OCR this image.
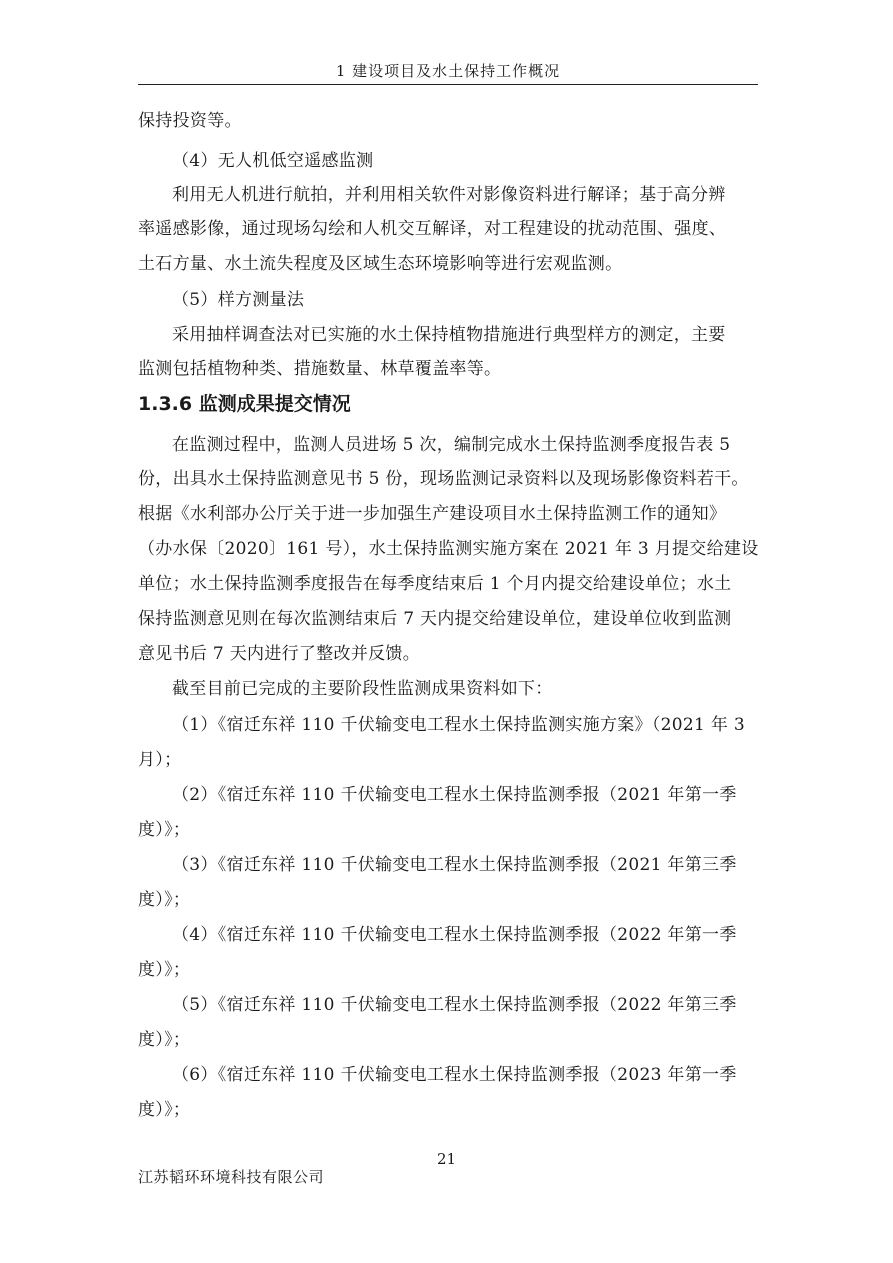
1 建设项目及水土保持工作概况
保持投资等。
（4）无人机低空遥感监测
利用无人机进行航拍，并利用相关软件对影像资料进行解译；基于高分辨
率遥感影像，通过现场勾绘和人机交互解译，对工程建设的扰动范围、强度、
土石方量、水土流失程度及区域生态环境影响等进行宏观监测。
（5）样方测量法
采用抽样调查法对已实施的水土保持植物措施进行典型样方的测定，主要
监测包括植物种类、措施数量、林草覆盖率等。
1.3.6 监测成果提交情况
在监测过程中，监测人员进场 5 次，编制完成水土保持监测季度报告表 5
份，出具水土保持监测意见书 5 份，现场监测记录资料以及现场影像资料若干。
根据《水利部办公厅关于进一步加强生产建设项目水土保持监测工作的通知》
（办水保〔2020〕161 号），水土保持监测实施方案在 2021 年 3 月提交给建设
单位；水土保持监测季度报告在每季度结束后 1 个月内提交给建设单位；水土
保持监测意见则在每次监测结束后 7 天内提交给建设单位，建设单位收到监测
意见书后 7 天内进行了整改并反馈。
截至目前已完成的主要阶段性监测成果资料如下：
（1）《宿迁东祥 110 千伏输变电工程水土保持监测实施方案》（2021 年 3
月）；
（2）《宿迁东祥 110 千伏输变电工程水土保持监测季报（2021 年第一季
度）》；
（3）《宿迁东祥 110 千伏输变电工程水土保持监测季报（2021 年第三季
度）》；
（4）《宿迁东祥 110 千伏输变电工程水土保持监测季报（2022 年第一季
度）》；
（5）《宿迁东祥 110 千伏输变电工程水土保持监测季报（2022 年第三季
度）》；
（6）《宿迁东祥 110 千伏输变电工程水土保持监测季报（2023 年第一季
度）》；
21
江苏韬环环境科技有限公司
